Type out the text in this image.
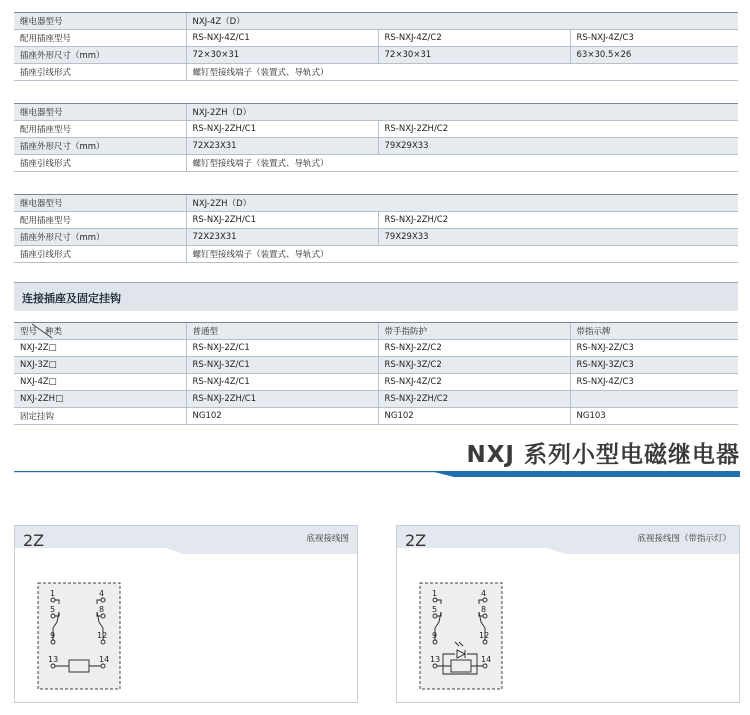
继电器型号	NXJ-4Z（D）		
配用插座型号	RS-NXJ-4Z/C1	RS-NXJ-4Z/C2	RS-NXJ-4Z/C3
插座外形尺寸（mm）	72×30×31	72×30×31	63×30.5×26
插座引线形式	螺钉型接线端子（装置式、导轨式）		
继电器型号	NXJ-2ZH（D）	
配用插座型号	RS-NXJ-2ZH/C1	RS-NXJ-2ZH/C2
插座外形尺寸（mm）	72X23X31	79X29X33
插座引线形式	螺钉型接线端子（装置式、导轨式）	
继电器型号	NXJ-2ZH（D）	
配用插座型号	RS-NXJ-2ZH/C1	RS-NXJ-2ZH/C2
插座外形尺寸（mm）	72X23X31	79X29X33
插座引线形式	螺钉型接线端子（装置式、导轨式）	
连接插座及固定挂钩
型号 种类	普通型	带手指防护	带指示牌
NXJ-2Z□	RS-NXJ-2Z/C1	RS-NXJ-2Z/C2	RS-NXJ-2Z/C3
NXJ-3Z□	RS-NXJ-3Z/C1	RS-NXJ-3Z/C2	RS-NXJ-3Z/C3
NXJ-4Z□	RS-NXJ-4Z/C1	RS-NXJ-4Z/C2	RS-NXJ-4Z/C3
NXJ-2ZH□	RS-NXJ-2ZH/C1	RS-NXJ-2ZH/C2	
固定挂钩	NG102	NG102	NG103
NXJ 系列小型电磁继电器
2Z	底视接线图
1	4
5	8
9	12
13	14
2Z	底视接线图（带指示灯）
1	4
5	8
9	12
13	14
